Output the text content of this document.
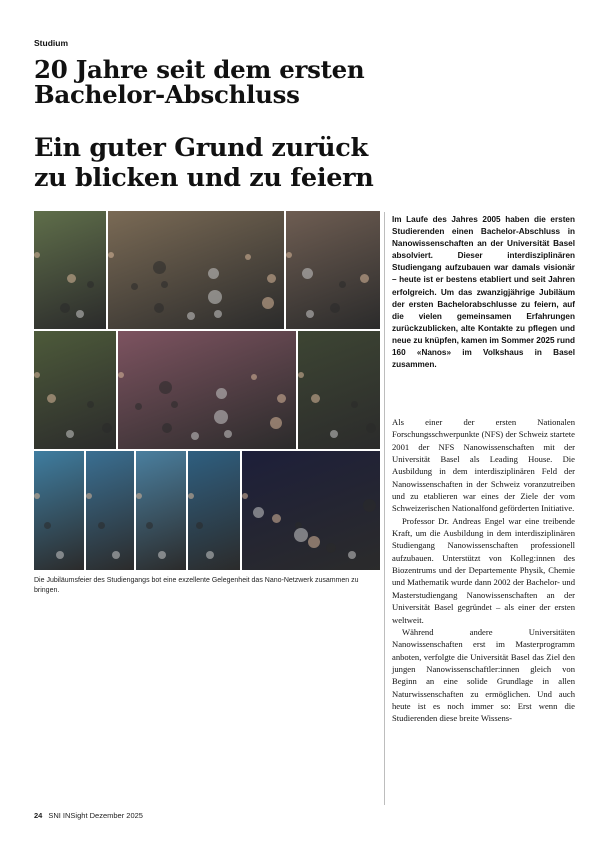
Studium
20 Jahre seit dem ersten
Bachelor-Abschluss
Ein guter Grund zurück
zu blicken und zu feiern
Die Jubiläumsfeier des Studiengangs bot eine exzellente Gelegenheit das Nano-Netzwerk zusammen zu bringen.

Im Laufe des Jahres 2005 haben die ersten Studierenden einen Bachelor-Abschluss in Nanowissenschaften an der Universität Basel absolviert. Dieser interdisziplinären Studiengang aufzubauen war damals visionär – heute ist er bestens etabliert und seit Jahren erfolgreich. Um das zwanzigjährige Jubiläum der ersten Bachelorabschlusse zu feiern, auf die vielen gemeinsamen Erfahrungen zurückzublicken, alte Kontakte zu pflegen und neue zu knüpfen, kamen im Sommer 2025 rund 160 «Nanos» im Volkshaus in Basel zusammen.

Als einer der ersten Nationalen Forschungsschwerpunkte (NFS) der Schweiz startete 2001 der NFS Nanowissenschaften mit der Universität Basel als Leading House. Die Ausbildung in dem interdisziplinären Feld der Nanowissenschaften in der Schweiz voranzutreiben und zu etablieren war eines der Ziele der vom Schweizerischen Nationalfond geförderten Initiative.

Professor Dr. Andreas Engel war eine treibende Kraft, um die Ausbildung in dem interdisziplinären Studiengang Nanowissenschaften professionell aufzubauen. Unterstützt von Kolleg:innen des Biozentrums und der Departemente Physik, Chemie und Mathematik wurde dann 2002 der Bachelor- und Masterstudiengang Nanowissenschaften an der Universität Basel gegründet – als einer der ersten weltweit.

Während andere Universitäten Nanowissenschaften erst im Masterprogramm anboten, verfolgte die Universität Basel das Ziel den jungen Nanowissenschaftler:innen gleich von Beginn an eine solide Grundlage in allen Naturwissenschaften zu ermöglichen. Und auch heute ist es noch immer so: Erst wenn die Studierenden diese breite Wissens-

24 SNI INSight Dezember 2025
